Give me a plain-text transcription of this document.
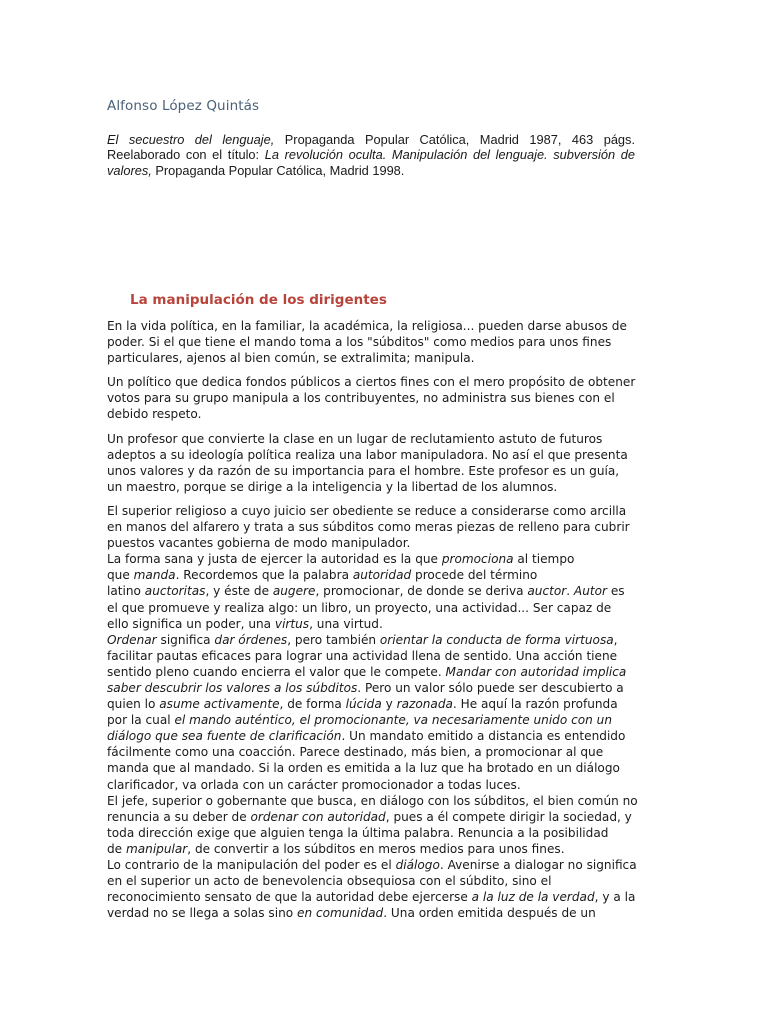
Alfonso López Quintás

El secuestro del lenguaje, Propaganda Popular Católica, Madrid 1987, 463 págs. Reelaborado con el título: La revolución oculta. Manipulación del lenguaje. subversión de valores, Propaganda Popular Católica, Madrid 1998.

La manipulación de los dirigentes

En la vida política, en la familiar, la académica, la religiosa... pueden darse abusos de
poder. Si el que tiene el mando toma a los "súbditos" como medios para unos fines
particulares, ajenos al bien común, se extralimita; manipula.

Un político que dedica fondos públicos a ciertos fines con el mero propósito de obtener
votos para su grupo manipula a los contribuyentes, no administra sus bienes con el
debido respeto.

Un profesor que convierte la clase en un lugar de reclutamiento astuto de futuros
adeptos a su ideología política realiza una labor manipuladora. No así el que presenta
unos valores y da razón de su importancia para el hombre. Este profesor es un guía,
un maestro, porque se dirige a la inteligencia y la libertad de los alumnos.

El superior religioso a cuyo juicio ser obediente se reduce a considerarse como arcilla
en manos del alfarero y trata a sus súbditos como meras piezas de relleno para cubrir
puestos vacantes gobierna de modo manipulador.
La forma sana y justa de ejercer la autoridad es la que promociona al tiempo
que manda. Recordemos que la palabra autoridad procede del término
latino auctoritas, y éste de augere, promocionar, de donde se deriva auctor. Autor es
el que promueve y realiza algo: un libro, un proyecto, una actividad... Ser capaz de
ello significa un poder, una virtus, una virtud.
Ordenar significa dar órdenes, pero también orientar la conducta de forma virtuosa,
facilitar pautas eficaces para lograr una actividad llena de sentido. Una acción tiene
sentido pleno cuando encierra el valor que le compete. Mandar con autoridad implica
saber descubrir los valores a los súbditos. Pero un valor sólo puede ser descubierto a
quien lo asume activamente, de forma lúcida y razonada. He aquí la razón profunda
por la cual el mando auténtico, el promocionante, va necesariamente unido con un
diálogo que sea fuente de clarificación. Un mandato emitido a distancia es entendido
fácilmente como una coacción. Parece destinado, más bien, a promocionar al que
manda que al mandado. Si la orden es emitida a la luz que ha brotado en un diálogo
clarificador, va orlada con un carácter promocionador a todas luces.
El jefe, superior o gobernante que busca, en diálogo con los súbditos, el bien común no
renuncia a su deber de ordenar con autoridad, pues a él compete dirigir la sociedad, y
toda dirección exige que alguien tenga la última palabra. Renuncia a la posibilidad
de manipular, de convertir a los súbditos en meros medios para unos fines.
Lo contrario de la manipulación del poder es el diálogo. Avenirse a dialogar no significa
en el superior un acto de benevolencia obsequiosa con el súbdito, sino el
reconocimiento sensato de que la autoridad debe ejercerse a la luz de la verdad, y a la
verdad no se llega a solas sino en comunidad. Una orden emitida después de un
